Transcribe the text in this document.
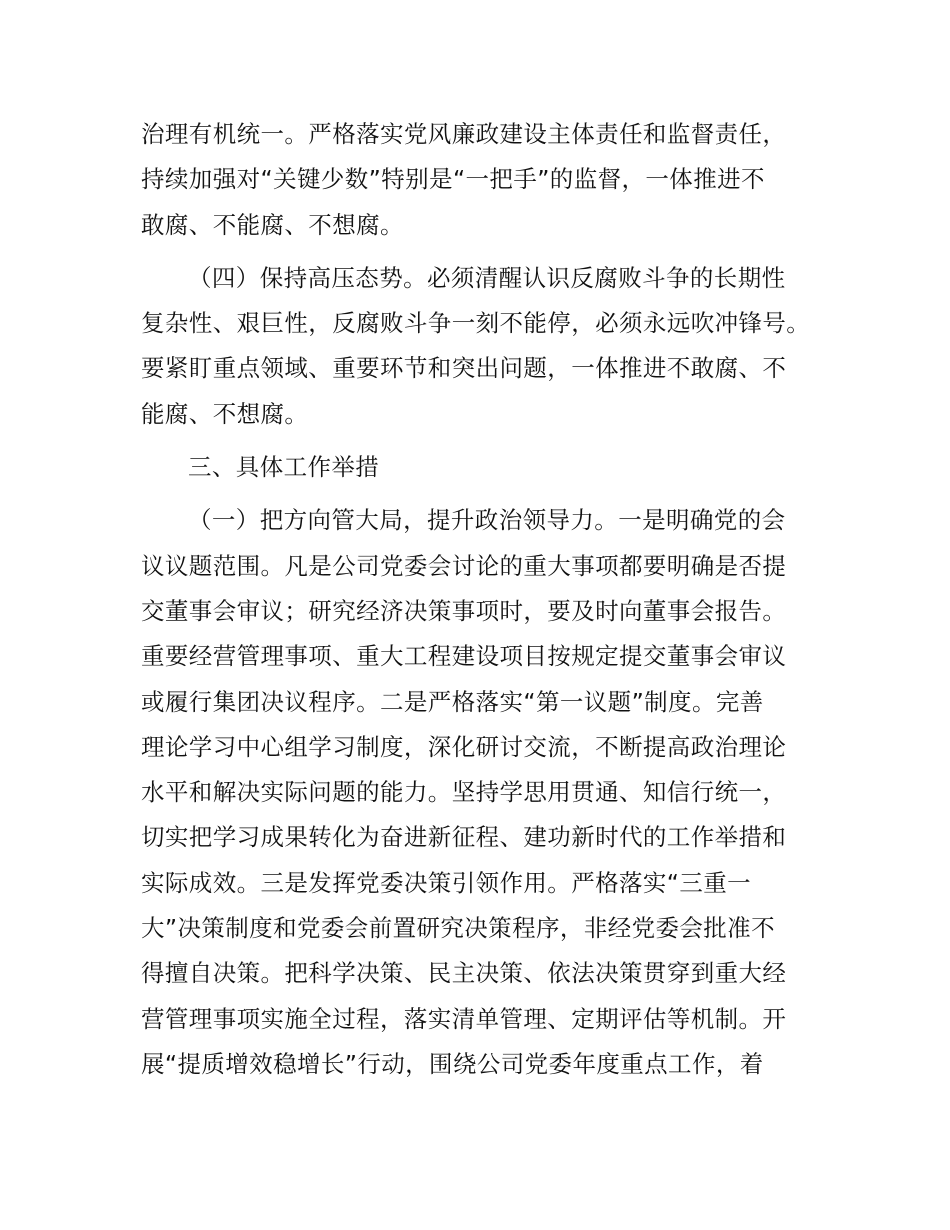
治理有机统一。严格落实党风廉政建设主体责任和监督责任，
持续加强对“关键少数”特别是“一把手”的监督，一体推进不
敢腐、不能腐、不想腐。
（四）保持高压态势。必须清醒认识反腐败斗争的长期性
复杂性、艰巨性，反腐败斗争一刻不能停，必须永远吹冲锋号。
要紧盯重点领域、重要环节和突出问题，一体推进不敢腐、不
能腐、不想腐。
三、具体工作举措
（一）把方向管大局，提升政治领导力。一是明确党的会
议议题范围。凡是公司党委会讨论的重大事项都要明确是否提
交董事会审议；研究经济决策事项时，要及时向董事会报告。
重要经营管理事项、重大工程建设项目按规定提交董事会审议
或履行集团决议程序。二是严格落实“第一议题”制度。完善
理论学习中心组学习制度，深化研讨交流，不断提高政治理论
水平和解决实际问题的能力。坚持学思用贯通、知信行统一，
切实把学习成果转化为奋进新征程、建功新时代的工作举措和
实际成效。三是发挥党委决策引领作用。严格落实“三重一
大”决策制度和党委会前置研究决策程序，非经党委会批准不
得擅自决策。把科学决策、民主决策、依法决策贯穿到重大经
营管理事项实施全过程，落实清单管理、定期评估等机制。开
展“提质增效稳增长”行动，围绕公司党委年度重点工作，着
